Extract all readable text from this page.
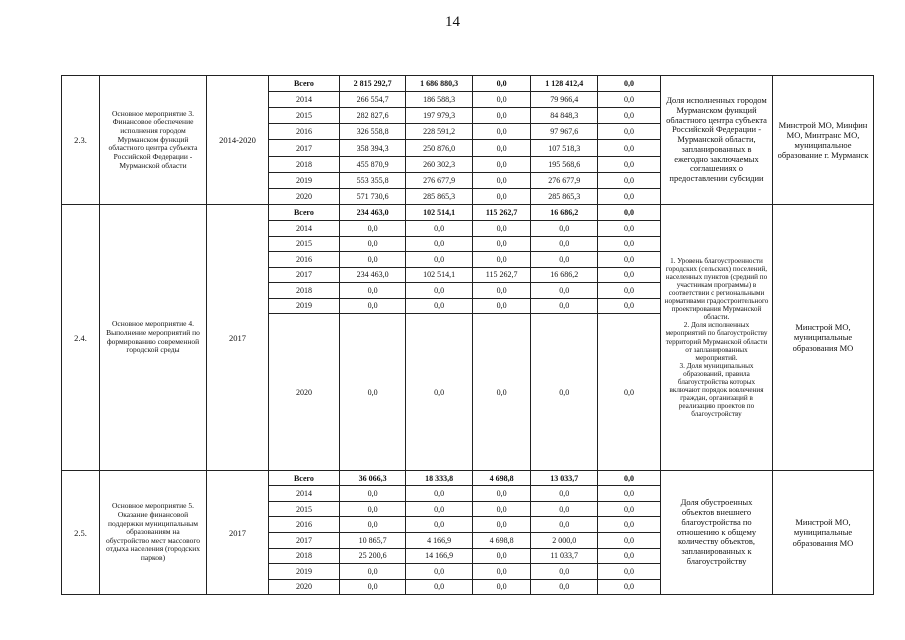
14
2.3.	Основное мероприятие 3. Финансовое обеспечение исполнения городом Мурманском функций областного центра субъекта Российской Федерации - Мурманской области	2014-2020	
Всего	2 815 292,7	1 686 880,3	0,0	1 128 412,4	0,0
2014	266 554,7	186 588,3	0,0	79 966,4	0,0
2015	282 827,6	197 979,3	0,0	84 848,3	0,0
2016	326 558,8	228 591,2	0,0	97 967,6	0,0
2017	358 394,3	250 876,0	0,0	107 518,3	0,0
2018	455 870,9	260 302,3	0,0	195 568,6	0,0
2019	553 355,8	276 677,9	0,0	276 677,9	0,0
2020	571 730,6	285 865,3	0,0	285 865,3	0,0

Доля исполненных городом Мурманском функций областного центра субъекта Российской Федерации - Мурманской области, запланированных в ежегодно заключаемых соглашениях о предоставлении субсидии

	Минстрой МО, Минфин МО, Минтранс МО, муниципальное образование г. Мурманск
2.4.	Основное мероприятие 4. Выполнение мероприятий по формированию современной городской среды	2017	
Всего	234 463,0	102 514,1	115 262,7	16 686,2	0,0
2014	0,0	0,0	0,0	0,0	0,0
2015	0,0	0,0	0,0	0,0	0,0
2016	0,0	0,0	0,0	0,0	0,0
2017	234 463,0	102 514,1	115 262,7	16 686,2	0,0
2018	0,0	0,0	0,0	0,0	0,0
2019	0,0	0,0	0,0	0,0	0,0
2020	0,0	0,0	0,0	0,0	0,0

1. Уровень благоустроенности городских (сельских) поселений, населенных пунктов (средний по участникам программы) в соответствии с региональными нормативами градостроительного проектирования Мурманской области.

2. Доля исполненных мероприятий по благоустройству территорий Мурманской области от запланированных мероприятий.

3. Доля муниципальных образований, правила благоустройства которых включают порядок вовлечения граждан, организаций в реализацию проектов по благоустройству

	Минстрой МО, муниципальные образования МО
2.5.	Основное мероприятие 5. Оказание финансовой поддержки муниципальным образованиям на обустройство мест массового отдыха населения (городских парков)	2017	
Всего	36 066,3	18 333,8	4 698,8	13 033,7	0,0
2014	0,0	0,0	0,0	0,0	0,0
2015	0,0	0,0	0,0	0,0	0,0
2016	0,0	0,0	0,0	0,0	0,0
2017	10 865,7	4 166,9	4 698,8	2 000,0	0,0
2018	25 200,6	14 166,9	0,0	11 033,7	0,0
2019	0,0	0,0	0,0	0,0	0,0
2020	0,0	0,0	0,0	0,0	0,0

Доля обустроенных объектов внешнего благоустройства по отношению к общему количеству объектов, запланированных к благоустройству

	Минстрой МО, муниципальные образования МО
